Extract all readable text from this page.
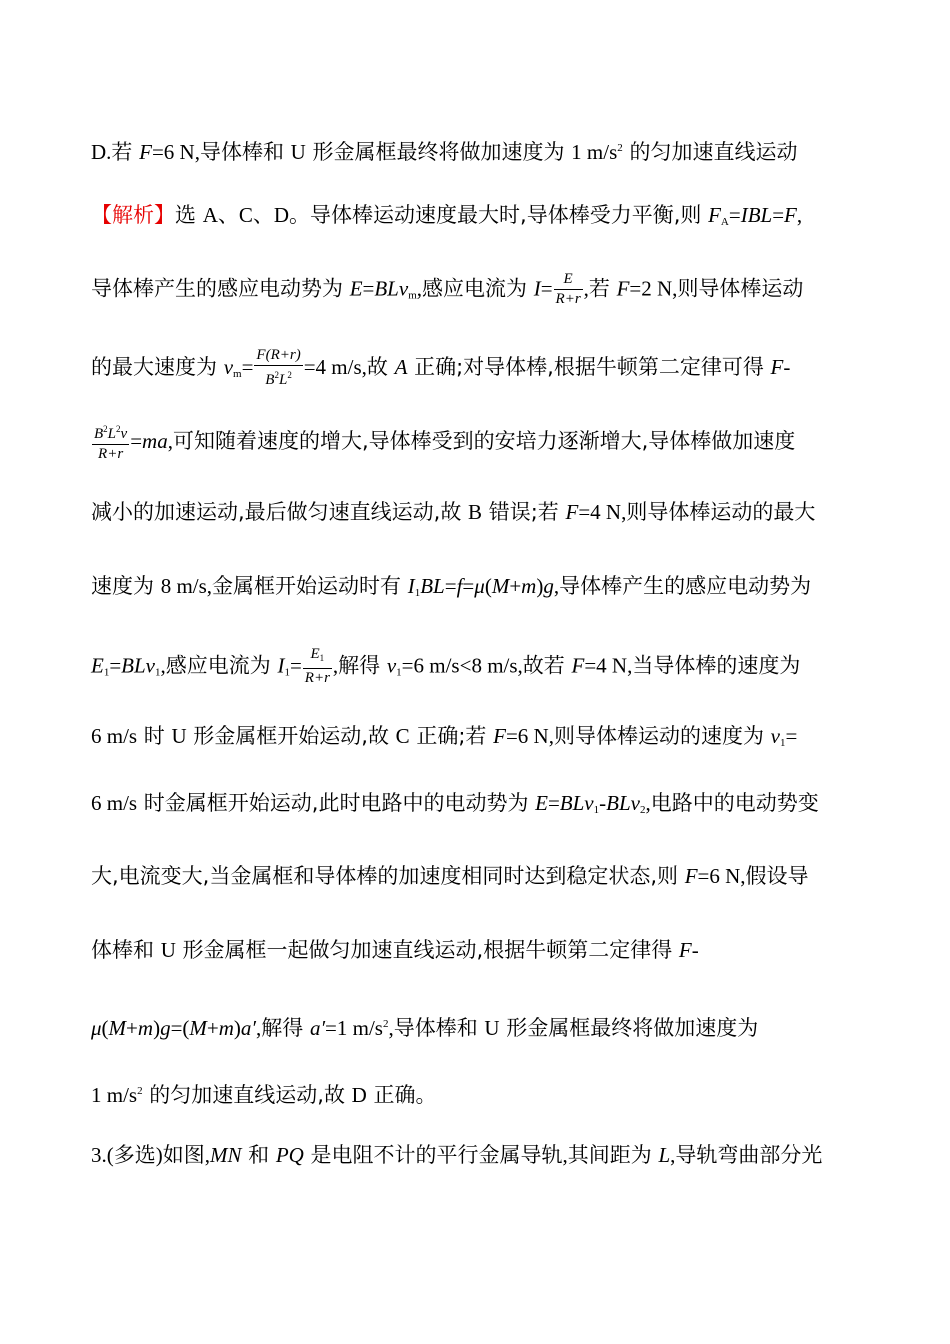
D.若 F=6 N,导体棒和 U 形金属框最终将做加速度为 1 $m/s^2$ 的匀加速直线运动
【解析】选 A、C、D。导体棒运动速度最大时,导体棒受力平衡,则 $F_A=IBL=F$,
导体棒产生的感应电动势为 E=BLv$_m$,感应电流为 $I= \frac{E}{R+r}$ ,若 F=2 N,则导体棒运动
的最大速度为 $v_m= \frac{F(R+r)}{B^2L^2} =4$ m/s,故 A 正确;对导体棒,根据牛顿第二定律可得 F-
$\frac{B^2L^2v}{R+r} =ma$,可知随着速度的增大,导体棒受到的安培力逐渐增大,导体棒做加速度
减小的加速运动,最后做匀速直线运动,故 B 错误;若 F=4 N,则导体棒运动的最大
速度为 8 m/s,金属框开始运动时有 $I_1BL=f=\mu(M+m)g$,导体棒产生的感应电动势为
$E_1=BLv_1$,感应电流为 $I_1= \frac{E_1}{R+r}$ ,解得 $v_1=6$ m/s<8 m/s,故若 F=4 N,当导体棒的速度为
6 m/s 时 U 形金属框开始运动,故 C 正确;若 F=6 N,则导体棒运动的速度为 $v_1=$
6 m/s 时金属框开始运动,此时电路中的电动势为 E=BLv$_1$-BLv$_2$,电路中的电动势变
大,电流变大,当金属框和导体棒的加速度相同时达到稳定状态,则 F=6 N,假设导
体棒和 U 形金属框一起做匀加速直线运动,根据牛顿第二定律得 F-
μ(M+m)g=(M+m)a′,解得 a′=1 $m/s^2$,导体棒和 U 形金属框最终将做加速度为
1 $m/s^2$ 的匀加速直线运动,故 D 正确。
3.(多选)如图,MN 和 PQ 是电阻不计的平行金属导轨,其间距为 L,导轨弯曲部分光
